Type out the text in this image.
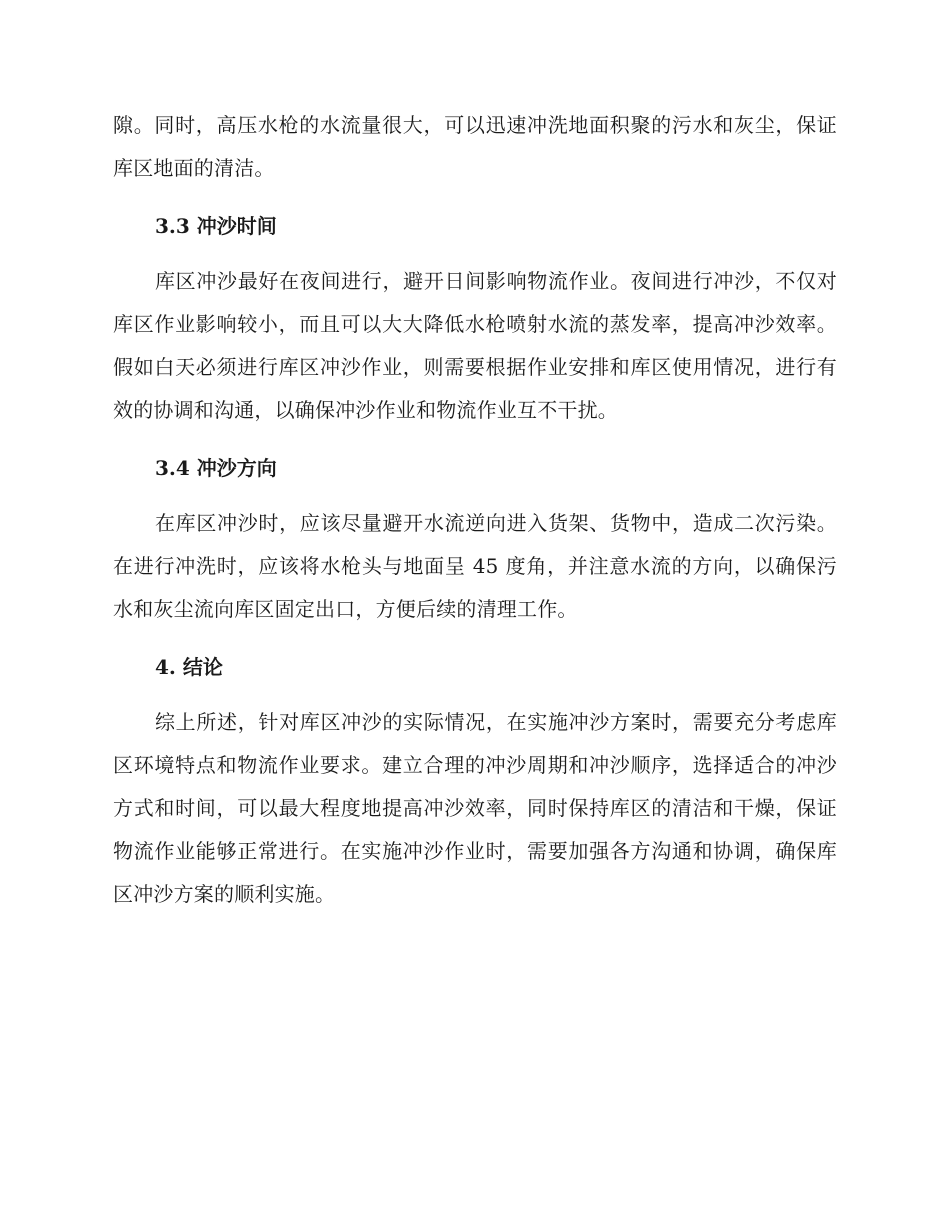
隙。同时，高压水枪的水流量很大，可以迅速冲洗地面积聚的污水和灰尘，保证库区地面的清洁。

3.3 冲沙时间

库区冲沙最好在夜间进行，避开日间影响物流作业。夜间进行冲沙，不仅对库区作业影响较小，而且可以大大降低水枪喷射水流的蒸发率，提高冲沙效率。假如白天必须进行库区冲沙作业，则需要根据作业安排和库区使用情况，进行有效的协调和沟通，以确保冲沙作业和物流作业互不干扰。

3.4 冲沙方向

在库区冲沙时，应该尽量避开水流逆向进入货架、货物中，造成二次污染。在进行冲洗时，应该将水枪头与地面呈 45 度角，并注意水流的方向，以确保污水和灰尘流向库区固定出口，方便后续的清理工作。

4. 结论

综上所述，针对库区冲沙的实际情况，在实施冲沙方案时，需要充分考虑库区环境特点和物流作业要求。建立合理的冲沙周期和冲沙顺序，选择适合的冲沙方式和时间，可以最大程度地提高冲沙效率，同时保持库区的清洁和干燥，保证物流作业能够正常进行。在实施冲沙作业时，需要加强各方沟通和协调，确保库区冲沙方案的顺利实施。
